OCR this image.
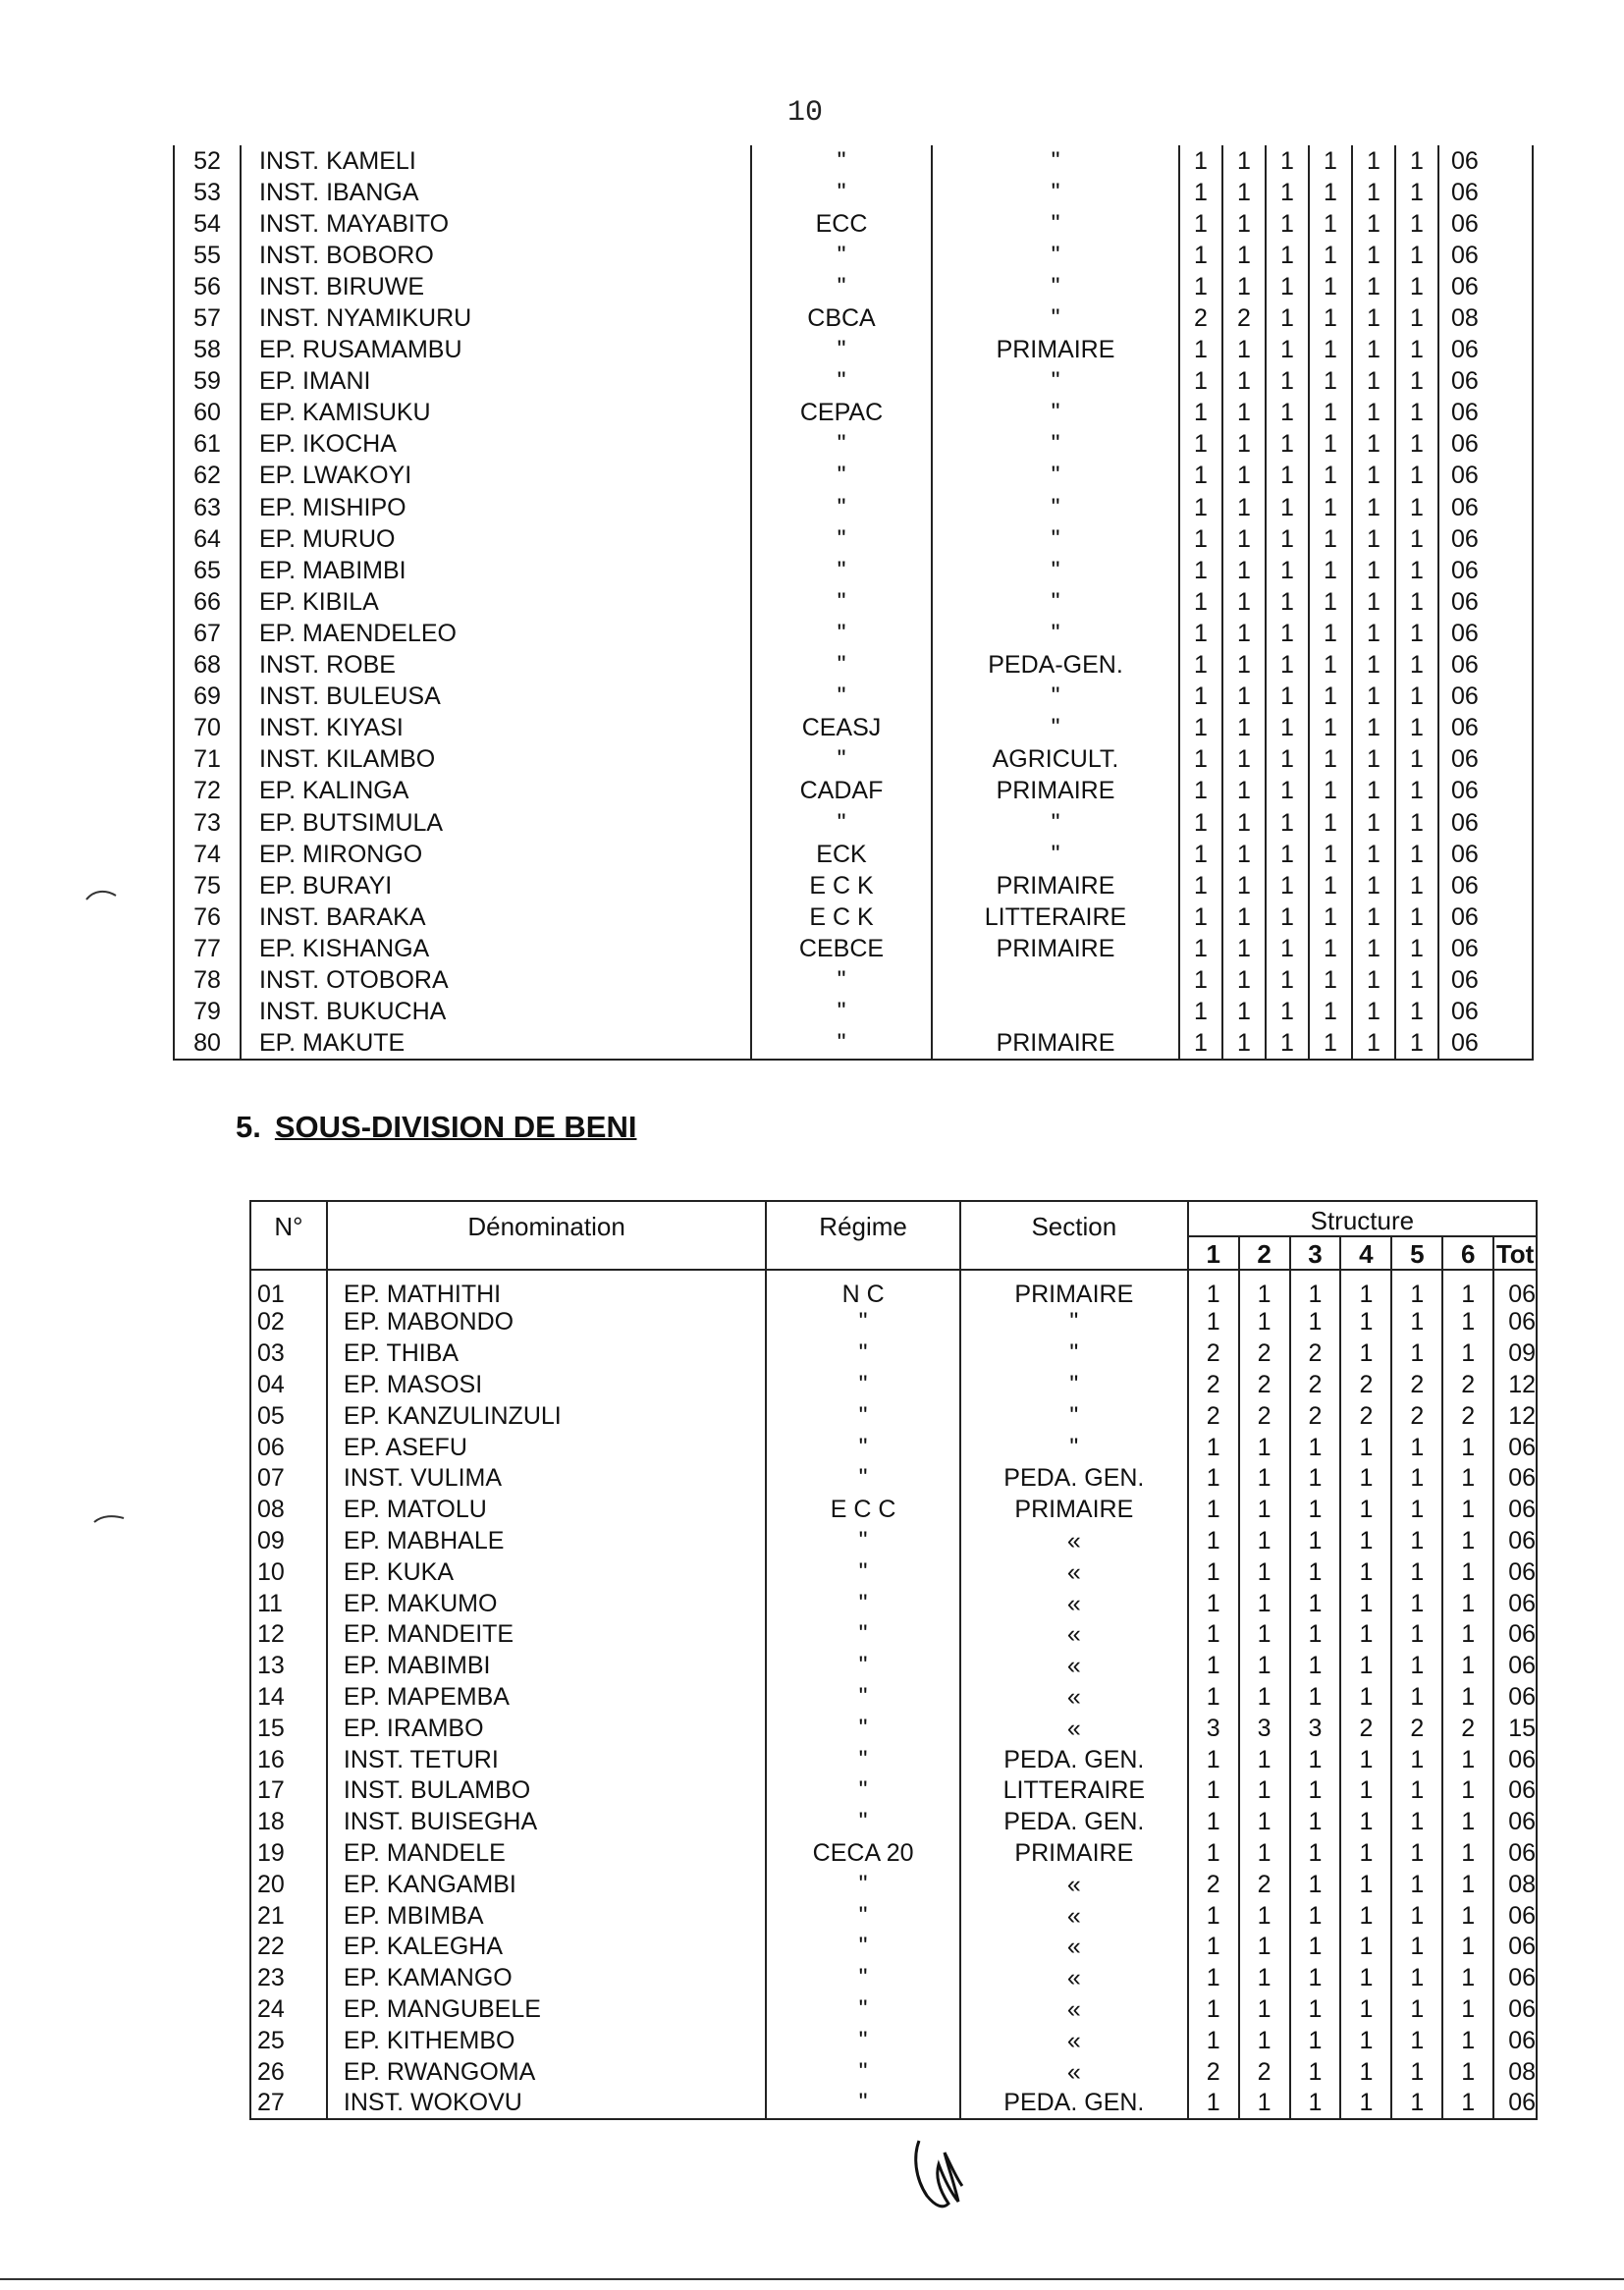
10
52	INST. KAMELI	"	"	1	1	1	1	1	1	06
53	INST. IBANGA	"	"	1	1	1	1	1	1	06
54	INST. MAYABITO	ECC	"	1	1	1	1	1	1	06
55	INST. BOBORO	"	"	1	1	1	1	1	1	06
56	INST. BIRUWE	"	"	1	1	1	1	1	1	06
57	INST. NYAMIKURU	CBCA	"	2	2	1	1	1	1	08
58	EP. RUSAMAMBU	"	PRIMAIRE	1	1	1	1	1	1	06
59	EP. IMANI	"	"	1	1	1	1	1	1	06
60	EP. KAMISUKU	CEPAC	"	1	1	1	1	1	1	06
61	EP. IKOCHA	"	"	1	1	1	1	1	1	06
62	EP. LWAKOYI	"	"	1	1	1	1	1	1	06
63	EP. MISHIPO	"	"	1	1	1	1	1	1	06
64	EP. MURUO	"	"	1	1	1	1	1	1	06
65	EP. MABIMBI	"	"	1	1	1	1	1	1	06
66	EP. KIBILA	"	"	1	1	1	1	1	1	06
67	EP. MAENDELEO	"	"	1	1	1	1	1	1	06
68	INST. ROBE	"	PEDA-GEN.	1	1	1	1	1	1	06
69	INST. BULEUSA	"	"	1	1	1	1	1	1	06
70	INST. KIYASI	CEASJ	"	1	1	1	1	1	1	06
71	INST. KILAMBO	"	AGRICULT.	1	1	1	1	1	1	06
72	EP. KALINGA	CADAF	PRIMAIRE	1	1	1	1	1	1	06
73	EP. BUTSIMULA	"	"	1	1	1	1	1	1	06
74	EP. MIRONGO	ECK	"	1	1	1	1	1	1	06
75	EP. BURAYI	E C K	PRIMAIRE	1	1	1	1	1	1	06
76	INST. BARAKA	E C K	LITTERAIRE	1	1	1	1	1	1	06
77	EP. KISHANGA	CEBCE	PRIMAIRE	1	1	1	1	1	1	06
78	INST. OTOBORA	"		1	1	1	1	1	1	06
79	INST. BUKUCHA	"		1	1	1	1	1	1	06
80	EP. MAKUTE	"	PRIMAIRE	1	1	1	1	1	1	06
5. SOUS-DIVISION DE BENI
N°	Dénomination	Régime	Section	Structure						
				1	2	3	4	5	6	Tot
01	EP. MATHITHI	N C	PRIMAIRE	1	1	1	1	1	1	06
02	EP. MABONDO	"	"	1	1	1	1	1	1	06
03	EP. THIBA	"	"	2	2	2	1	1	1	09
04	EP. MASOSI	"	"	2	2	2	2	2	2	12
05	EP. KANZULINZULI	"	"	2	2	2	2	2	2	12
06	EP. ASEFU	"	"	1	1	1	1	1	1	06
07	INST. VULIMA	"	PEDA. GEN.	1	1	1	1	1	1	06
08	EP. MATOLU	E C C	PRIMAIRE	1	1	1	1	1	1	06
09	EP. MABHALE	"	«	1	1	1	1	1	1	06
10	EP. KUKA	"	«	1	1	1	1	1	1	06
11	EP. MAKUMO	"	«	1	1	1	1	1	1	06
12	EP. MANDEITE	"	«	1	1	1	1	1	1	06
13	EP. MABIMBI	"	«	1	1	1	1	1	1	06
14	EP. MAPEMBA	"	«	1	1	1	1	1	1	06
15	EP. IRAMBO	"	«	3	3	3	2	2	2	15
16	INST. TETURI	"	PEDA. GEN.	1	1	1	1	1	1	06
17	INST. BULAMBO	"	LITTERAIRE	1	1	1	1	1	1	06
18	INST. BUISEGHA	"	PEDA. GEN.	1	1	1	1	1	1	06
19	EP. MANDELE	CECA 20	PRIMAIRE	1	1	1	1	1	1	06
20	EP. KANGAMBI	"	«	2	2	1	1	1	1	08
21	EP. MBIMBA	"	«	1	1	1	1	1	1	06
22	EP. KALEGHA	"	«	1	1	1	1	1	1	06
23	EP. KAMANGO	"	«	1	1	1	1	1	1	06
24	EP. MANGUBELE	"	«	1	1	1	1	1	1	06
25	EP. KITHEMBO	"	«	1	1	1	1	1	1	06
26	EP. RWANGOMA	"	«	2	2	1	1	1	1	08
27	INST. WOKOVU	"	PEDA. GEN.	1	1	1	1	1	1	06
